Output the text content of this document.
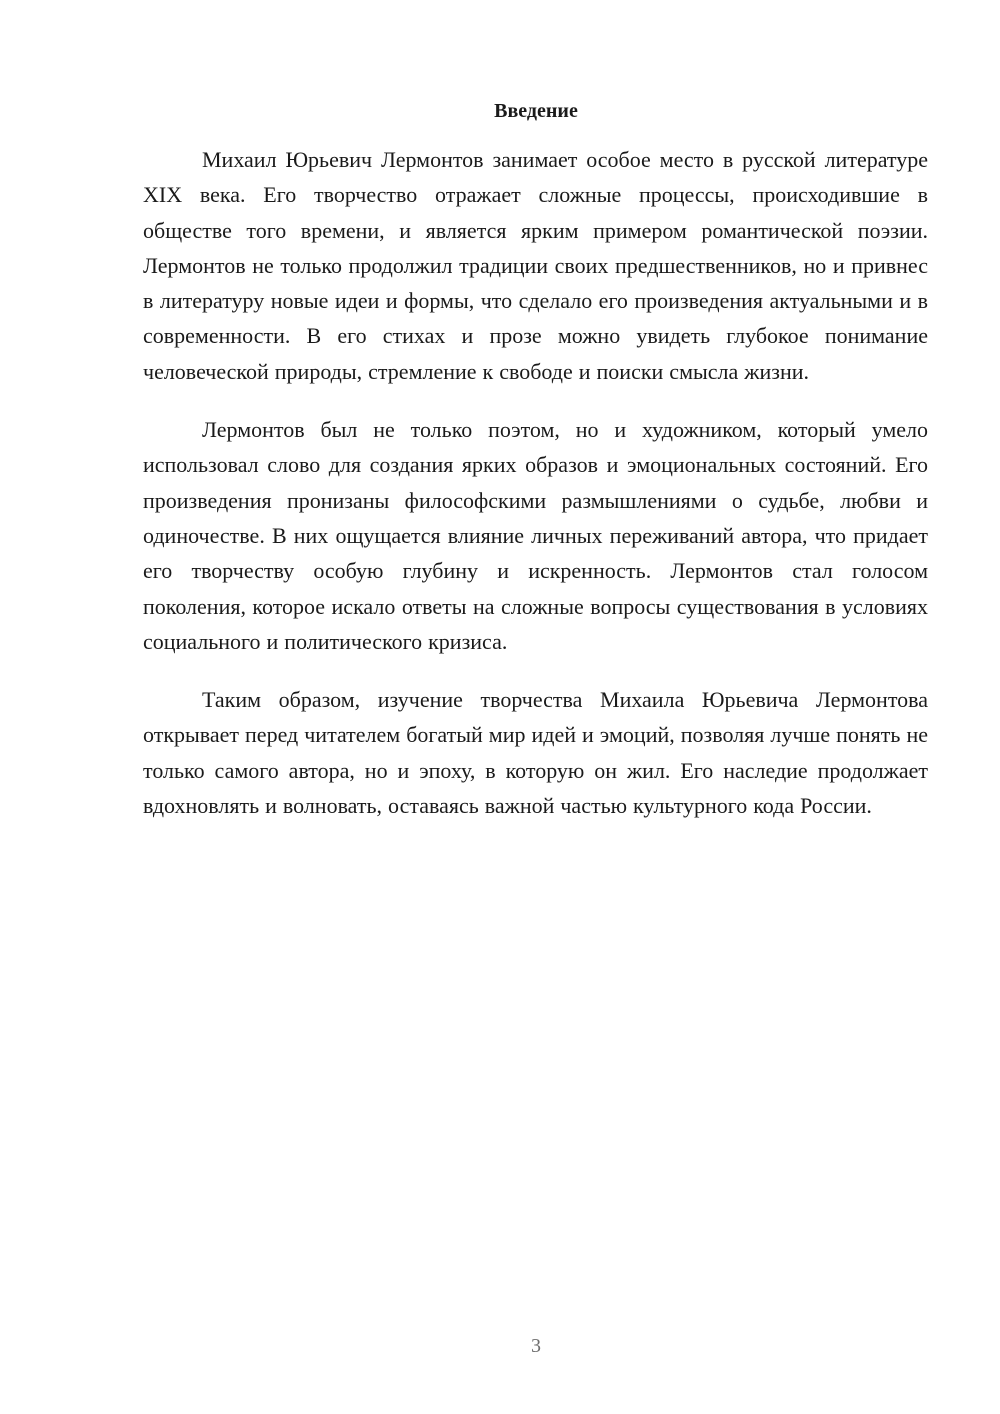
Введение

Михаил Юрьевич Лермонтов занимает особое место в русской литературе XIX века. Его творчество отражает сложные процессы, происходившие в обществе того времени, и является ярким примером романтической поэзии. Лермонтов не только продолжил традиции своих предшественников, но и привнес в литературу новые идеи и формы, что сделало его произведения актуальными и в современности. В его стихах и прозе можно увидеть глубокое понимание человеческой природы, стремление к свободе и поиски смысла жизни.

Лермонтов был не только поэтом, но и художником, который умело использовал слово для создания ярких образов и эмоциональных состояний. Его произведения пронизаны философскими размышлениями о судьбе, любви и одиночестве. В них ощущается влияние личных переживаний автора, что придает его творчеству особую глубину и искренность. Лермонтов стал голосом поколения, которое искало ответы на сложные вопросы существования в условиях социального и политического кризиса.

Таким образом, изучение творчества Михаила Юрьевича Лермонтова открывает перед читателем богатый мир идей и эмоций, позволяя лучше понять не только самого автора, но и эпоху, в которую он жил. Его наследие продолжает вдохновлять и волновать, оставаясь важной частью культурного кода России.

3
